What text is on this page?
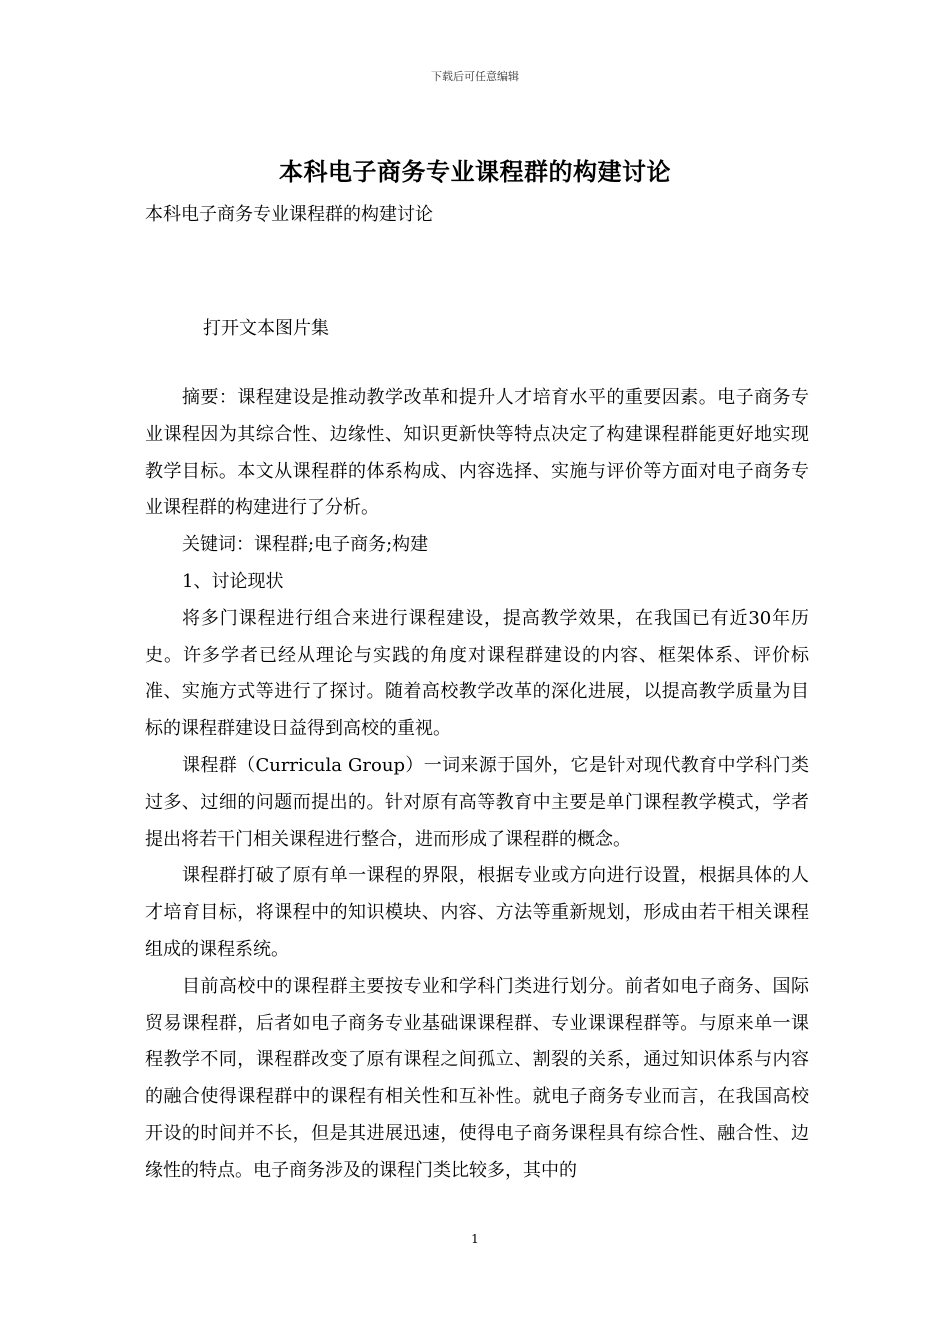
下载后可任意编辑
本科电子商务专业课程群的构建讨论
本科电子商务专业课程群的构建讨论
打开文本图片集

摘要：课程建设是推动教学改革和提升人才培育水平的重要因素。电子商务专业课程因为其综合性、边缘性、知识更新快等特点决定了构建课程群能更好地实现教学目标。本文从课程群的体系构成、内容选择、实施与评价等方面对电子商务专业课程群的构建进行了分析。

关键词：课程群;电子商务;构建

1、讨论现状

将多门课程进行组合来进行课程建设，提高教学效果，在我国已有近30年历史。许多学者已经从理论与实践的角度对课程群建设的内容、框架体系、评价标准、实施方式等进行了探讨。随着高校教学改革的深化进展，以提高教学质量为目标的课程群建设日益得到高校的重视。

课程群（Curricula Group）一词来源于国外，它是针对现代教育中学科门类过多、过细的问题而提出的。针对原有高等教育中主要是单门课程教学模式，学者提出将若干门相关课程进行整合，进而形成了课程群的概念。

课程群打破了原有单一课程的界限，根据专业或方向进行设置，根据具体的人才培育目标，将课程中的知识模块、内容、方法等重新规划，形成由若干相关课程组成的课程系统。

目前高校中的课程群主要按专业和学科门类进行划分。前者如电子商务、国际贸易课程群，后者如电子商务专业基础课课程群、专业课课程群等。与原来单一课程教学不同，课程群改变了原有课程之间孤立、割裂的关系，通过知识体系与内容的融合使得课程群中的课程有相关性和互补性。就电子商务专业而言，在我国高校开设的时间并不长，但是其进展迅速，使得电子商务课程具有综合性、融合性、边缘性的特点。电子商务涉及的课程门类比较多，其中的

1
